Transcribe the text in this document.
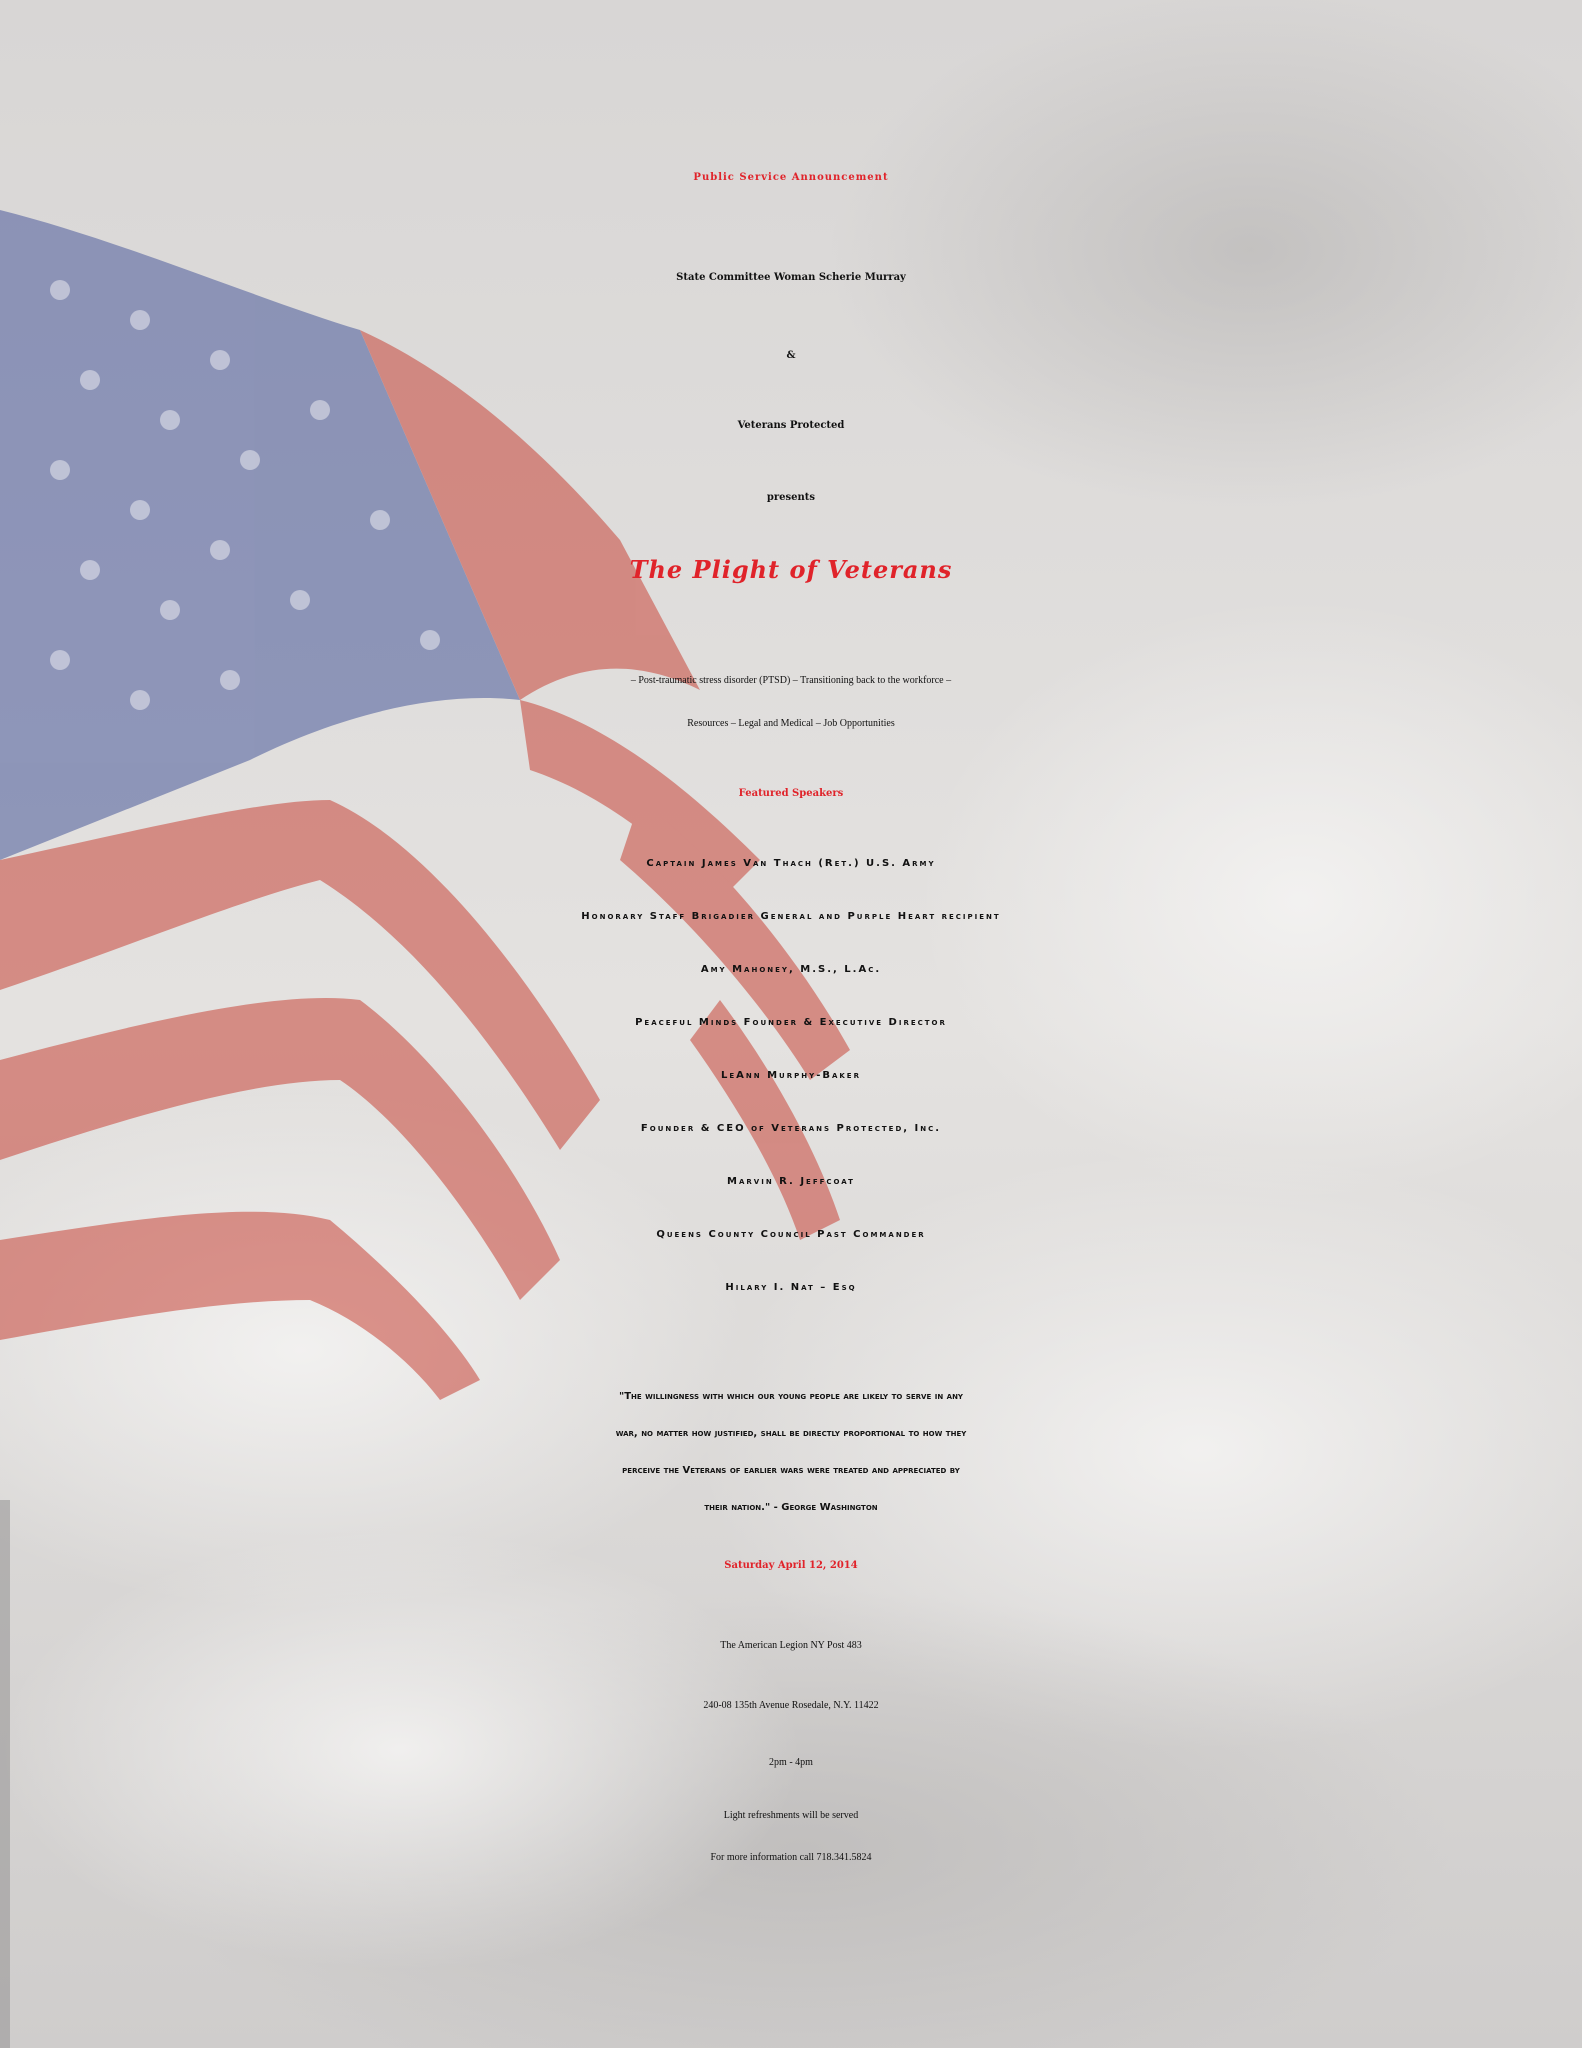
Public Service Announcement
State Committee Woman Scherie Murray
&
Veterans Protected
presents
The Plight of Veterans
– Post-traumatic stress disorder (PTSD) – Transitioning back to the workforce –
Resources – Legal and Medical – Job Opportunities
Featured Speakers
Captain James Van Thach (Ret.) U.S. Army
Honorary Staff Brigadier General and Purple Heart recipient
Amy Mahoney, M.S., L.Ac.
Peaceful Minds Founder & Executive Director
LeAnn Murphy-Baker
Founder & CEO of Veterans Protected, Inc.
Marvin R. Jeffcoat
Queens County Council Past Commander
Hilary I. Nat – Esq
"The willingness with which our young people are likely to serve in any
war, no matter how justified, shall be directly proportional to how they
perceive the Veterans of earlier wars were treated and appreciated by
their nation." - George Washington
Saturday April 12, 2014
The American Legion NY Post 483
240-08 135th Avenue Rosedale, N.Y. 11422
2pm - 4pm
Light refreshments will be served
For more information call 718.341.5824
